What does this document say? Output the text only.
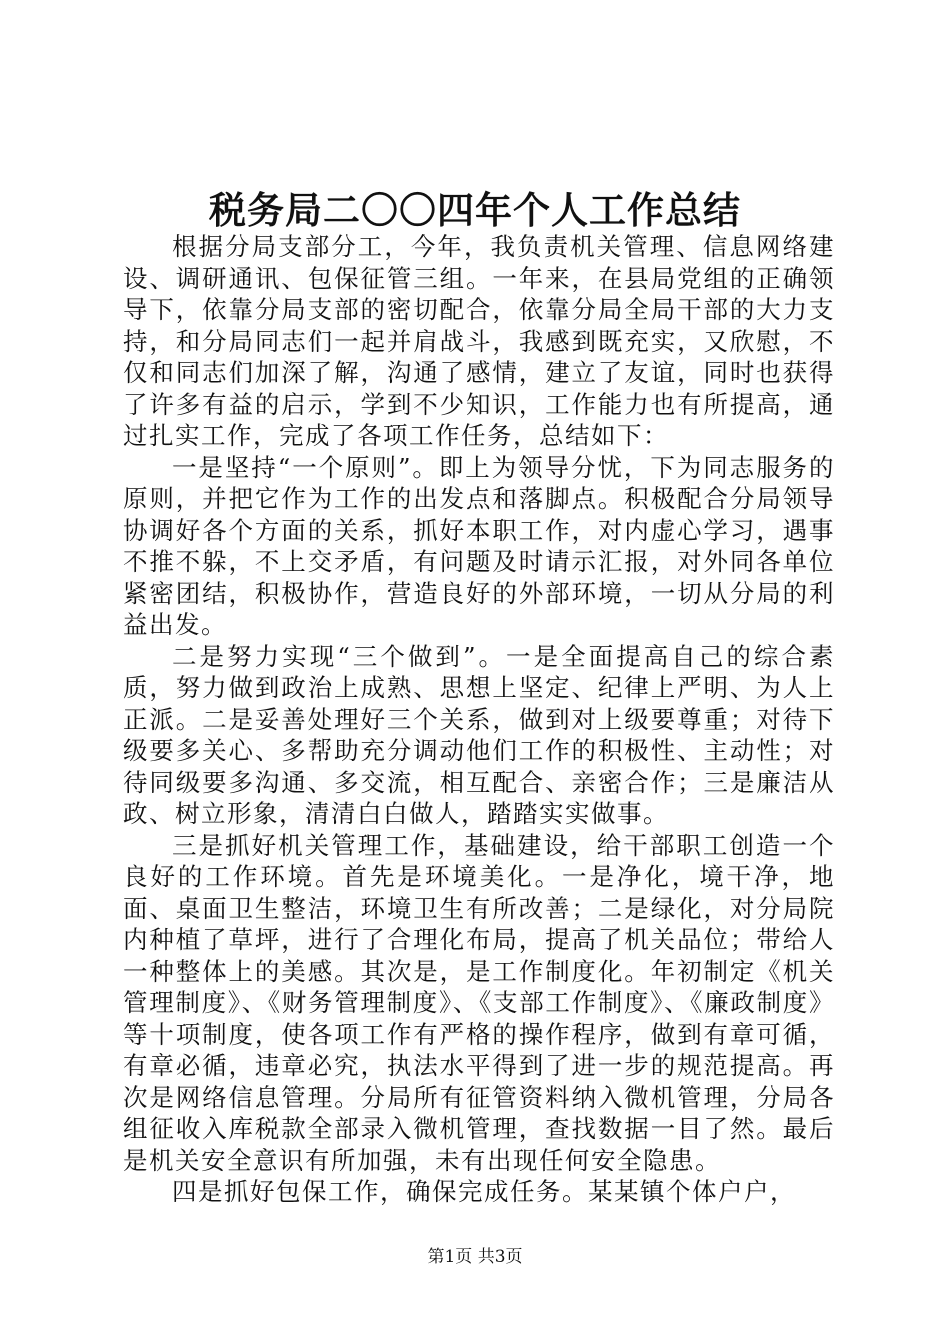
税务局二〇〇四年个人工作总结

根据分局支部分工，今年，我负责机关管理、信息网络建设、调研通讯、包保征管三组。一年来，在县局党组的正确领导下，依靠分局支部的密切配合，依靠分局全局干部的大力支持，和分局同志们一起并肩战斗，我感到既充实，又欣慰，不仅和同志们加深了解，沟通了感情，建立了友谊，同时也获得了许多有益的启示，学到不少知识，工作能力也有所提高，通过扎实工作，完成了各项工作任务，总结如下：

一是坚持“一个原则”。即上为领导分忧，下为同志服务的原则，并把它作为工作的出发点和落脚点。积极配合分局领导协调好各个方面的关系，抓好本职工作，对内虚心学习，遇事不推不躲，不上交矛盾，有问题及时请示汇报，对外同各单位紧密团结，积极协作，营造良好的外部环境，一切从分局的利益出发。

二是努力实现“三个做到”。一是全面提高自己的综合素质，努力做到政治上成熟、思想上坚定、纪律上严明、为人上正派。二是妥善处理好三个关系，做到对上级要尊重；对待下级要多关心、多帮助充分调动他们工作的积极性、主动性；对待同级要多沟通、多交流，相互配合、亲密合作；三是廉洁从政、树立形象，清清白白做人，踏踏实实做事。

三是抓好机关管理工作，基础建设，给干部职工创造一个良好的工作环境。首先是环境美化。一是净化，境干净，地面、桌面卫生整洁，环境卫生有所改善；二是绿化，对分局院内种植了草坪，进行了合理化布局，提高了机关品位；带给人一种整体上的美感。其次是，是工作制度化。年初制定《机关管理制度》、《财务管理制度》、《支部工作制度》、《廉政制度》等十项制度，使各项工作有严格的操作程序，做到有章可循，有章必循，违章必究，执法水平得到了进一步的规范提高。再次是网络信息管理。分局所有征管资料纳入微机管理，分局各组征收入库税款全部录入微机管理，查找数据一目了然。最后是机关安全意识有所加强，未有出现任何安全隐患。

四是抓好包保工作，确保完成任务。某某镇个体户户，

第1页 共3页
